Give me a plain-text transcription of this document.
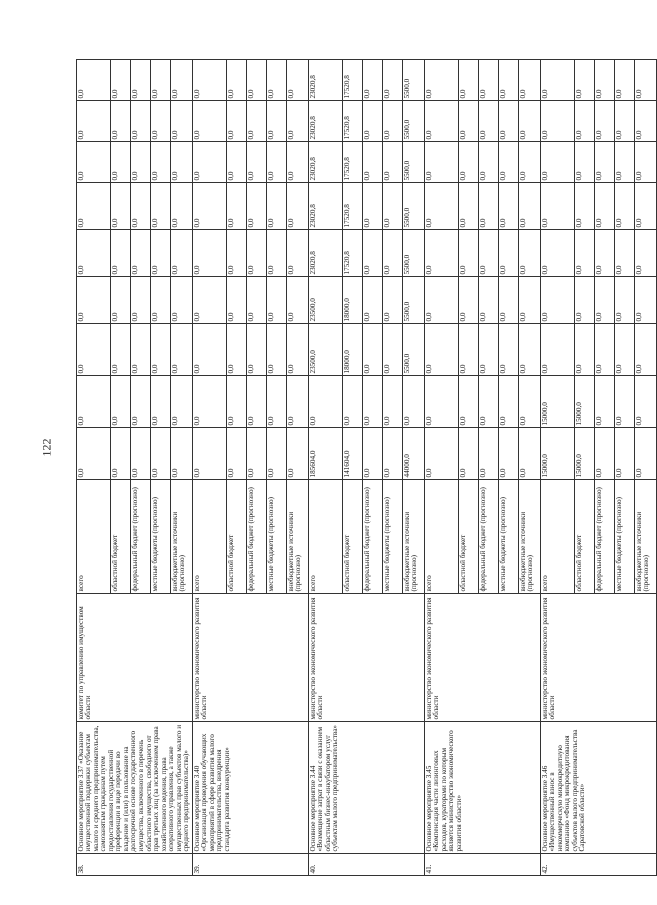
122
38.	Основное мероприятие 3.37 «Оказание имущественной поддержки субъектам малого и среднего предпринимательства, самозанятым гражданам путем предоставления государственной преференции в виде передачи во владение и (или) в пользование на долгосрочной основе государственного имущества, включенного в перечень областного имущества, свободного от прав третьих лиц (за исключением права хозяйственного ведения, права оперативного управления, а также имущественных прав субъектов малого и среднего предпринимательства)»	комитет по управлению имуществом области	всего	0,0	0,0	0,0	0,0	0,0	0,0	0,0	0,0	0,0
			областной бюджет	0,0	0,0	0,0	0,0	0,0	0,0	0,0	0,0	0,0
			федеральный бюджет (прогнозно)	0,0	0,0	0,0	0,0	0,0	0,0	0,0	0,0	0,0
			местные бюджеты (прогнозно)	0,0	0,0	0,0	0,0	0,0	0,0	0,0	0,0	0,0
			внебюджетные источники (прогнозно)	0,0	0,0	0,0	0,0	0,0	0,0	0,0	0,0	0,0
39.	Основное мероприятие 3.40 «Организация проведения обучающих мероприятий в сфере развития малого предпринимательства, внедрения стандарта развития конкуренции»	министерство экономического развития области	всего	0,0	0,0	0,0	0,0	0,0	0,0	0,0	0,0	0,0
			областной бюджет	0,0	0,0	0,0	0,0	0,0	0,0	0,0	0,0	0,0
			федеральный бюджет (прогнозно)	0,0	0,0	0,0	0,0	0,0	0,0	0,0	0,0	0,0
			местные бюджеты (прогнозно)	0,0	0,0	0,0	0,0	0,0	0,0	0,0	0,0	0,0
			внебюджетные источники (прогнозно)	0,0	0,0	0,0	0,0	0,0	0,0	0,0	0,0	0,0
40.	Основное мероприятие 3.44 «Возмещение затрат в связи с оказанием областным бизнес-инкубатором услуг субъектам малого предпринимательства»	министерство экономического развития области	всего	185604,0	0,0	23500,0	23500,0	23020,8	23020,8	23020,8	23020,8	23020,8
			областной бюджет	141604,0	0,0	18000,0	18000,0	17520,8	17520,8	17520,8	17520,8	17520,8
			федеральный бюджет (прогнозно)	0,0	0,0	0,0	0,0	0,0	0,0	0,0	0,0	0,0
			местные бюджеты (прогнозно)	0,0	0,0	0,0	0,0	0,0	0,0	0,0	0,0	0,0
			внебюджетные источники (прогнозно)	44000,0	0,0	5500,0	5500,0	5500,0	5500,0	5500,0	5500,0	5500,0
41.	Основное мероприятие 3.45 «Компенсация части лизинговых расходов, кураторами по которым является министерство экономического развития области»	министерство экономического развития области	всего	0,0	0,0	0,0	0,0	0,0	0,0	0,0	0,0	0,0
			областной бюджет	0,0	0,0	0,0	0,0	0,0	0,0	0,0	0,0	0,0
			федеральный бюджет (прогнозно)	0,0	0,0	0,0	0,0	0,0	0,0	0,0	0,0	0,0
			местные бюджеты (прогнозно)	0,0	0,0	0,0	0,0	0,0	0,0	0,0	0,0	0,0
			внебюджетные источники (прогнозно)	0,0	0,0	0,0	0,0	0,0	0,0	0,0	0,0	0,0
42.	Основное мероприятие 3.46 «Имущественный взнос в некоммерческую микрокредитную компанию «Фонд микрокредитования субъектов малого предпринимательства Саратовской области»	министерство экономического развития области	всего	15000,0	15000,0	0,0	0,0	0,0	0,0	0,0	0,0	0,0
			областной бюджет	15000,0	15000,0	0,0	0,0	0,0	0,0	0,0	0,0	0,0
			федеральный бюджет (прогнозно)	0,0	0,0	0,0	0,0	0,0	0,0	0,0	0,0	0,0
			местные бюджеты (прогнозно)	0,0	0,0	0,0	0,0	0,0	0,0	0,0	0,0	0,0
			внебюджетные источники (прогнозно)	0,0	0,0	0,0	0,0	0,0	0,0	0,0	0,0	0,0
